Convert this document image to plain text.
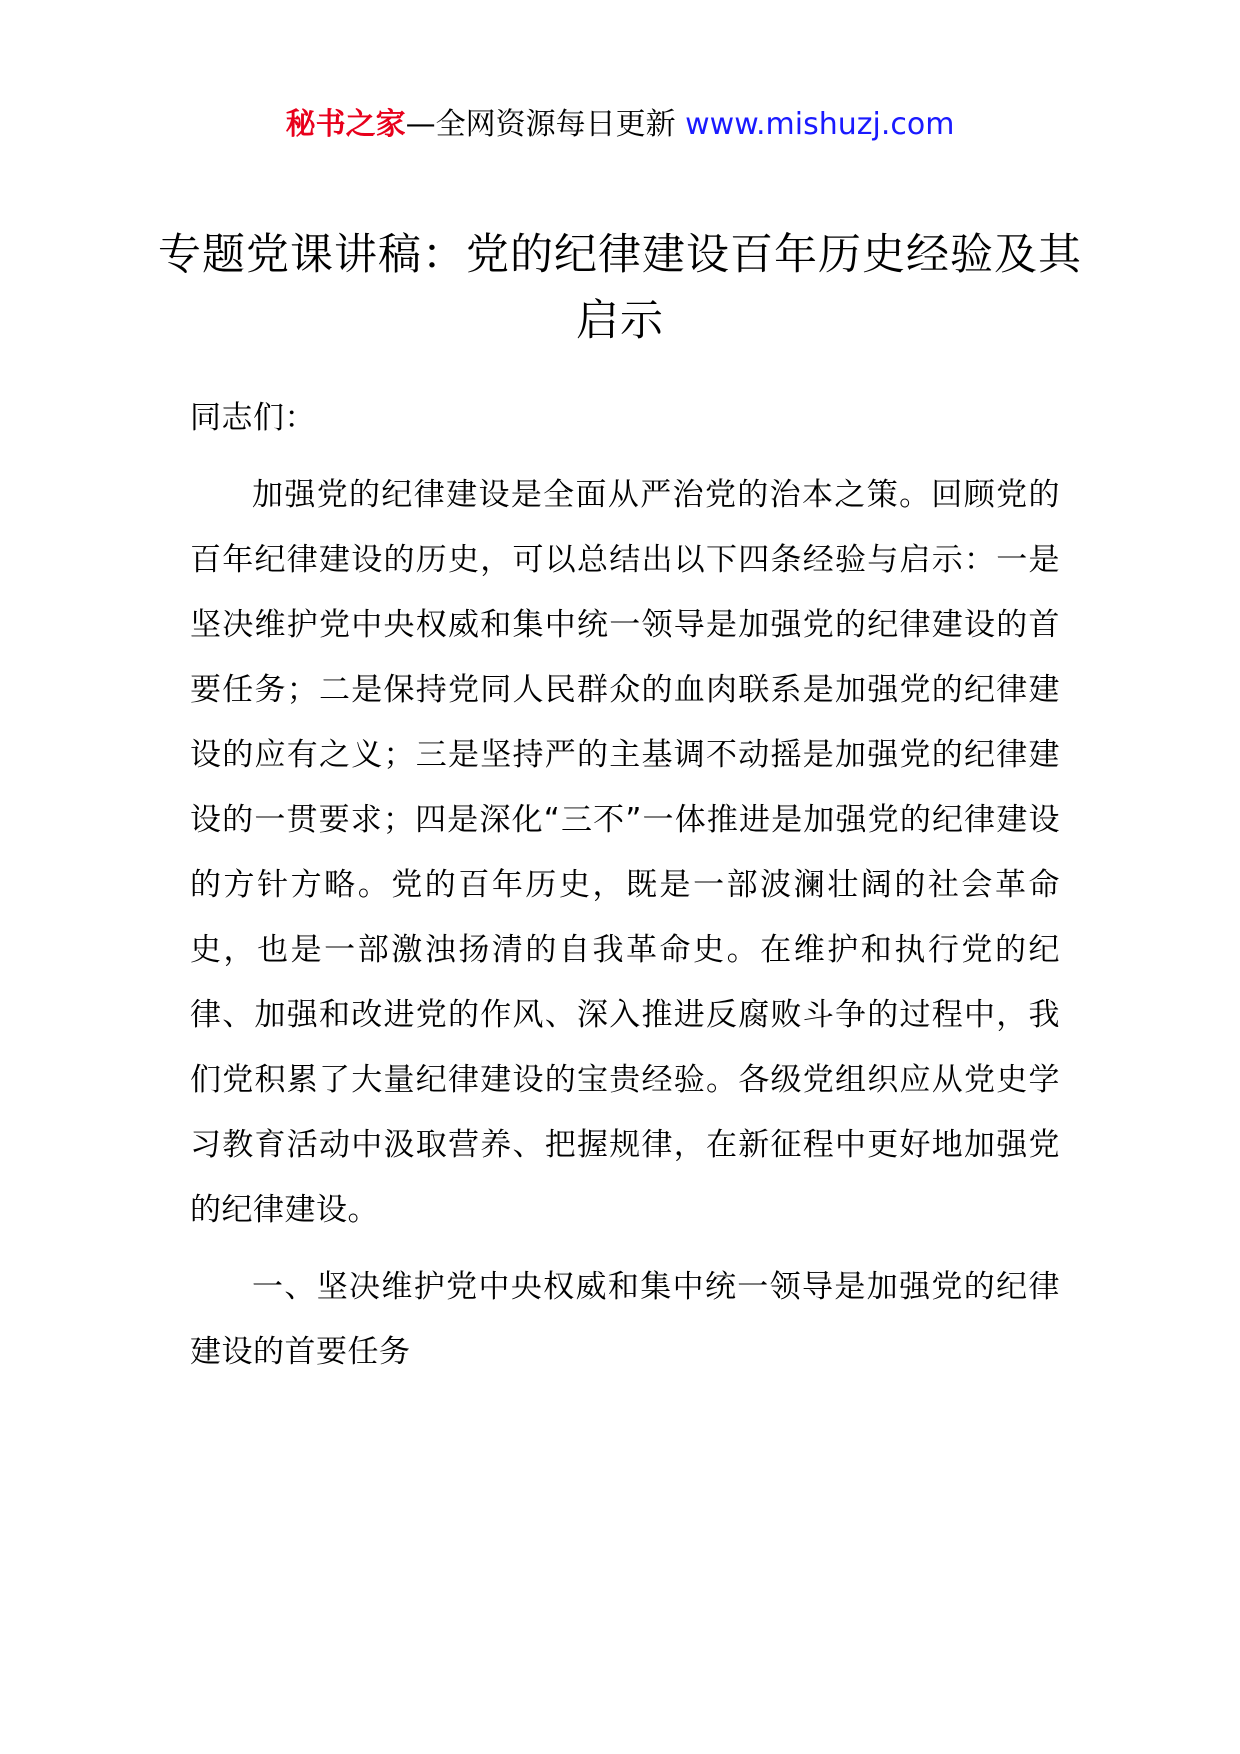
秘书之家—全网资源每日更新 www.mishuzj.com
专题党课讲稿：党的纪律建设百年历史经验及其启示

同志们：

加强党的纪律建设是全面从严治党的治本之策。回顾党的百年纪律建设的历史，可以总结出以下四条经验与启示：一是坚决维护党中央权威和集中统一领导是加强党的纪律建设的首要任务；二是保持党同人民群众的血肉联系是加强党的纪律建设的应有之义；三是坚持严的主基调不动摇是加强党的纪律建设的一贯要求；四是深化“三不”一体推进是加强党的纪律建设的方针方略。党的百年历史，既是一部波澜壮阔的社会革命史，也是一部激浊扬清的自我革命史。在维护和执行党的纪律、加强和改进党的作风、深入推进反腐败斗争的过程中，我们党积累了大量纪律建设的宝贵经验。各级党组织应从党史学习教育活动中汲取营养、把握规律，在新征程中更好地加强党的纪律建设。

一、坚决维护党中央权威和集中统一领导是加强党的纪律建设的首要任务
